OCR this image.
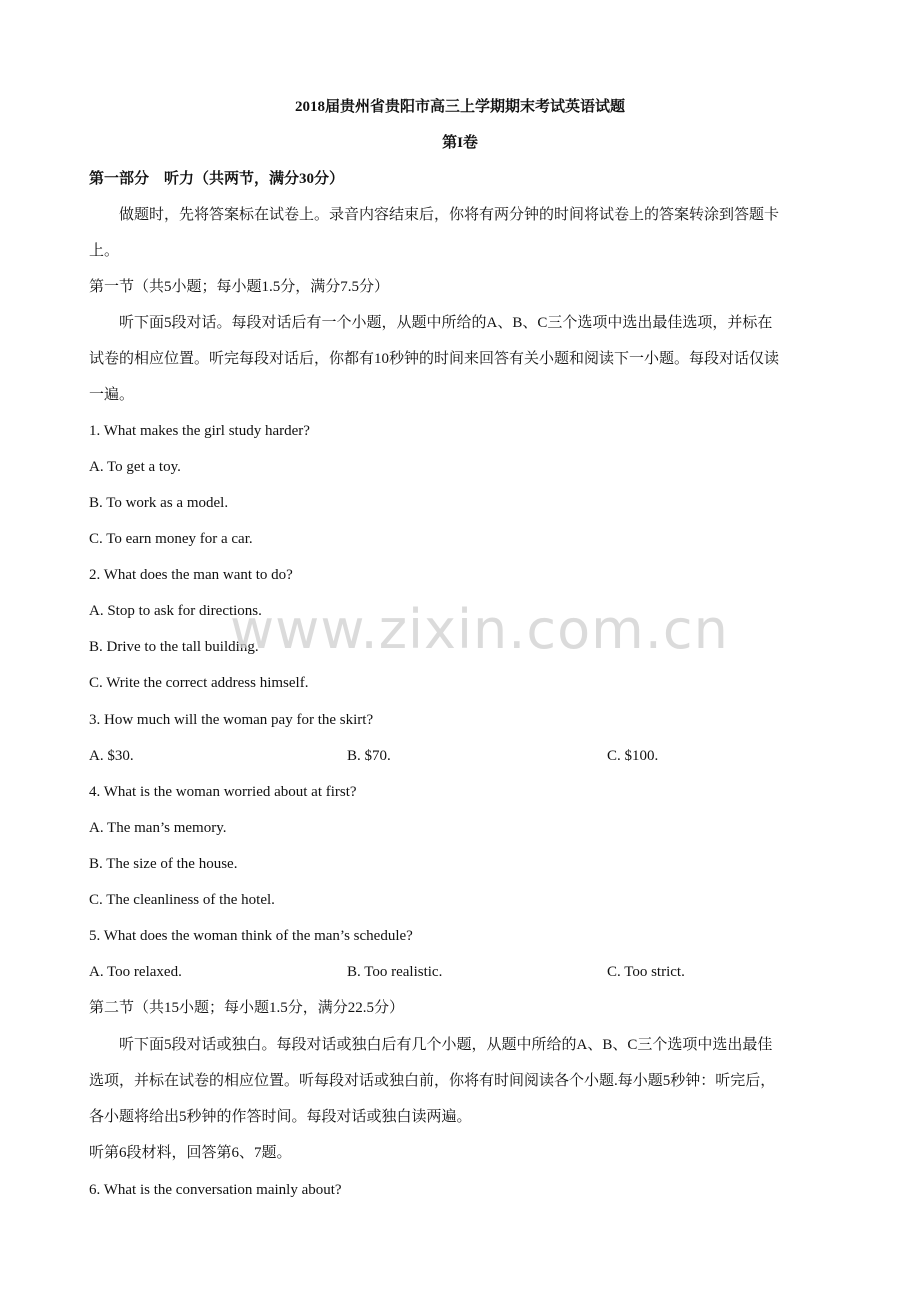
2018届贵州省贵阳市高三上学期期末考试英语试题
第I卷
第一部分　听力（共两节，满分30分）
做题时，先将答案标在试卷上。录音内容结束后，你将有两分钟的时间将试卷上的答案转涂到答题卡
上。
第一节（共5小题；每小题1.5分，满分7.5分）
听下面5段对话。每段对话后有一个小题，从题中所给的A、B、C三个选项中选出最佳选项，并标在
试卷的相应位置。听完每段对话后，你都有10秒钟的时间来回答有关小题和阅读下一小题。每段对话仅读
一遍。
1. What makes the girl study harder?
A. To get a toy.
B. To work as a model.
C. To earn money for a car.
2. What does the man want to do?
A. Stop to ask for directions.
B. Drive to the tall building.
C. Write the correct address himself.
3. How much will the woman pay for the skirt?
A. $30.	B. $70.	C. $100.
4. What is the woman worried about at first?
A. The man’s memory.
B. The size of the house.
C. The cleanliness of the hotel.
5. What does the woman think of the man’s schedule?
A. Too relaxed.	B. Too realistic.	C. Too strict.
第二节（共15小题；每小题1.5分，满分22.5分）
听下面5段对话或独白。每段对话或独白后有几个小题，从题中所给的A、B、C三个选项中选出最佳
选项，并标在试卷的相应位置。听每段对话或独白前，你将有时间阅读各个小题.每小题5秒钟：听完后，
各小题将给出5秒钟的作答时间。每段对话或独白读两遍。
听第6段材料，回答第6、7题。
6. What is the conversation mainly about?
www.zixin.com.cn
